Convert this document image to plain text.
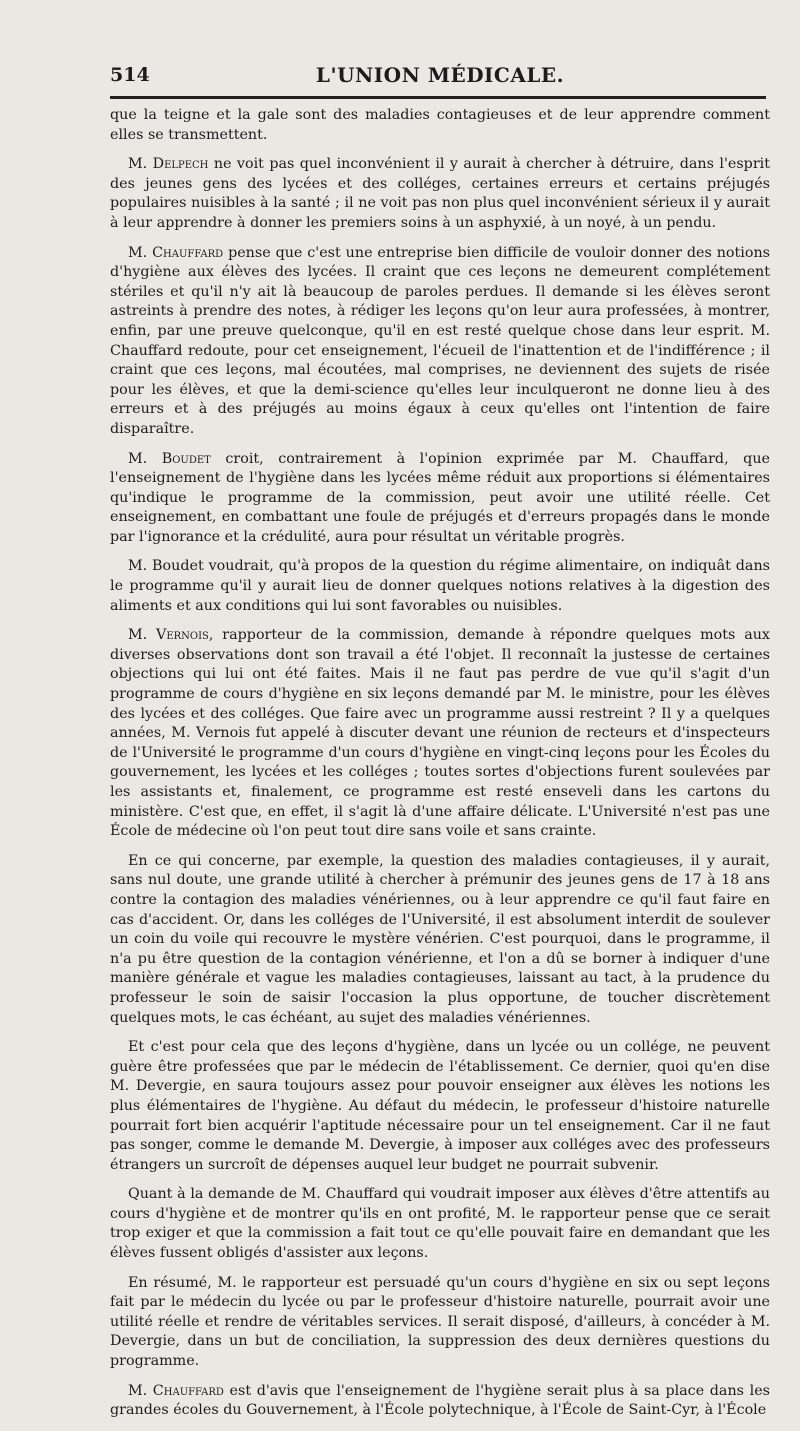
514	L'UNION MÉDICALE.

que la teigne et la gale sont des maladies contagieuses et de leur apprendre comment elles se transmettent.

M. Delpech ne voit pas quel inconvénient il y aurait à chercher à détruire, dans l'esprit des jeunes gens des lycées et des colléges, certaines erreurs et certains préjugés populaires nuisibles à la santé ; il ne voit pas non plus quel inconvénient sérieux il y aurait à leur apprendre à donner les premiers soins à un asphyxié, à un noyé, à un pendu.

M. Chauffard pense que c'est une entreprise bien difficile de vouloir donner des notions d'hygiène aux élèves des lycées. Il craint que ces leçons ne demeurent complétement stériles et qu'il n'y ait là beaucoup de paroles perdues. Il demande si les élèves seront astreints à prendre des notes, à rédiger les leçons qu'on leur aura professées, à montrer, enfin, par une preuve quelconque, qu'il en est resté quelque chose dans leur esprit. M. Chauffard redoute, pour cet enseignement, l'écueil de l'inattention et de l'indifférence ; il craint que ces leçons, mal écoutées, mal comprises, ne deviennent des sujets de risée pour les élèves, et que la demi-science qu'elles leur inculqueront ne donne lieu à des erreurs et à des préjugés au moins égaux à ceux qu'elles ont l'intention de faire disparaître.

M. Boudet croit, contrairement à l'opinion exprimée par M. Chauffard, que l'enseignement de l'hygiène dans les lycées même réduit aux proportions si élémentaires qu'indique le programme de la commission, peut avoir une utilité réelle. Cet enseignement, en combattant une foule de préjugés et d'erreurs propagés dans le monde par l'ignorance et la crédulité, aura pour résultat un véritable progrès.

M. Boudet voudrait, qu'à propos de la question du régime alimentaire, on indiquât dans le programme qu'il y aurait lieu de donner quelques notions relatives à la digestion des aliments et aux conditions qui lui sont favorables ou nuisibles.

M. Vernois, rapporteur de la commission, demande à répondre quelques mots aux diverses observations dont son travail a été l'objet. Il reconnaît la justesse de certaines objections qui lui ont été faites. Mais il ne faut pas perdre de vue qu'il s'agit d'un programme de cours d'hygiène en six leçons demandé par M. le ministre, pour les élèves des lycées et des colléges. Que faire avec un programme aussi restreint ? Il y a quelques années, M. Vernois fut appelé à discuter devant une réunion de recteurs et d'inspecteurs de l'Université le programme d'un cours d'hygiène en vingt-cinq leçons pour les Écoles du gouvernement, les lycées et les colléges ; toutes sortes d'objections furent soulevées par les assistants et, finalement, ce programme est resté enseveli dans les cartons du ministère. C'est que, en effet, il s'agit là d'une affaire délicate. L'Université n'est pas une École de médecine où l'on peut tout dire sans voile et sans crainte.

En ce qui concerne, par exemple, la question des maladies contagieuses, il y aurait, sans nul doute, une grande utilité à chercher à prémunir des jeunes gens de 17 à 18 ans contre la contagion des maladies vénériennes, ou à leur apprendre ce qu'il faut faire en cas d'accident. Or, dans les colléges de l'Université, il est absolument interdit de soulever un coin du voile qui recouvre le mystère vénérien. C'est pourquoi, dans le programme, il n'a pu être question de la contagion vénérienne, et l'on a dû se borner à indiquer d'une manière générale et vague les maladies contagieuses, laissant au tact, à la prudence du professeur le soin de saisir l'occasion la plus opportune, de toucher discrètement quelques mots, le cas échéant, au sujet des maladies vénériennes.

Et c'est pour cela que des leçons d'hygiène, dans un lycée ou un collége, ne peuvent guère être professées que par le médecin de l'établissement. Ce dernier, quoi qu'en dise M. Devergie, en saura toujours assez pour pouvoir enseigner aux élèves les notions les plus élémentaires de l'hygiène. Au défaut du médecin, le professeur d'histoire naturelle pourrait fort bien acquérir l'aptitude nécessaire pour un tel enseignement. Car il ne faut pas songer, comme le demande M. Devergie, à imposer aux colléges avec des professeurs étrangers un surcroît de dépenses auquel leur budget ne pourrait subvenir.

Quant à la demande de M. Chauffard qui voudrait imposer aux élèves d'être attentifs au cours d'hygiène et de montrer qu'ils en ont profité, M. le rapporteur pense que ce serait trop exiger et que la commission a fait tout ce qu'elle pouvait faire en demandant que les élèves fussent obligés d'assister aux leçons.

En résumé, M. le rapporteur est persuadé qu'un cours d'hygiène en six ou sept leçons fait par le médecin du lycée ou par le professeur d'histoire naturelle, pourrait avoir une utilité réelle et rendre de véritables services. Il serait disposé, d'ailleurs, à concéder à M. Devergie, dans un but de conciliation, la suppression des deux dernières questions du programme.

M. Chauffard est d'avis que l'enseignement de l'hygiène serait plus à sa place dans les grandes écoles du Gouvernement, à l'École polytechnique, à l'École de Saint-Cyr, à l'École
